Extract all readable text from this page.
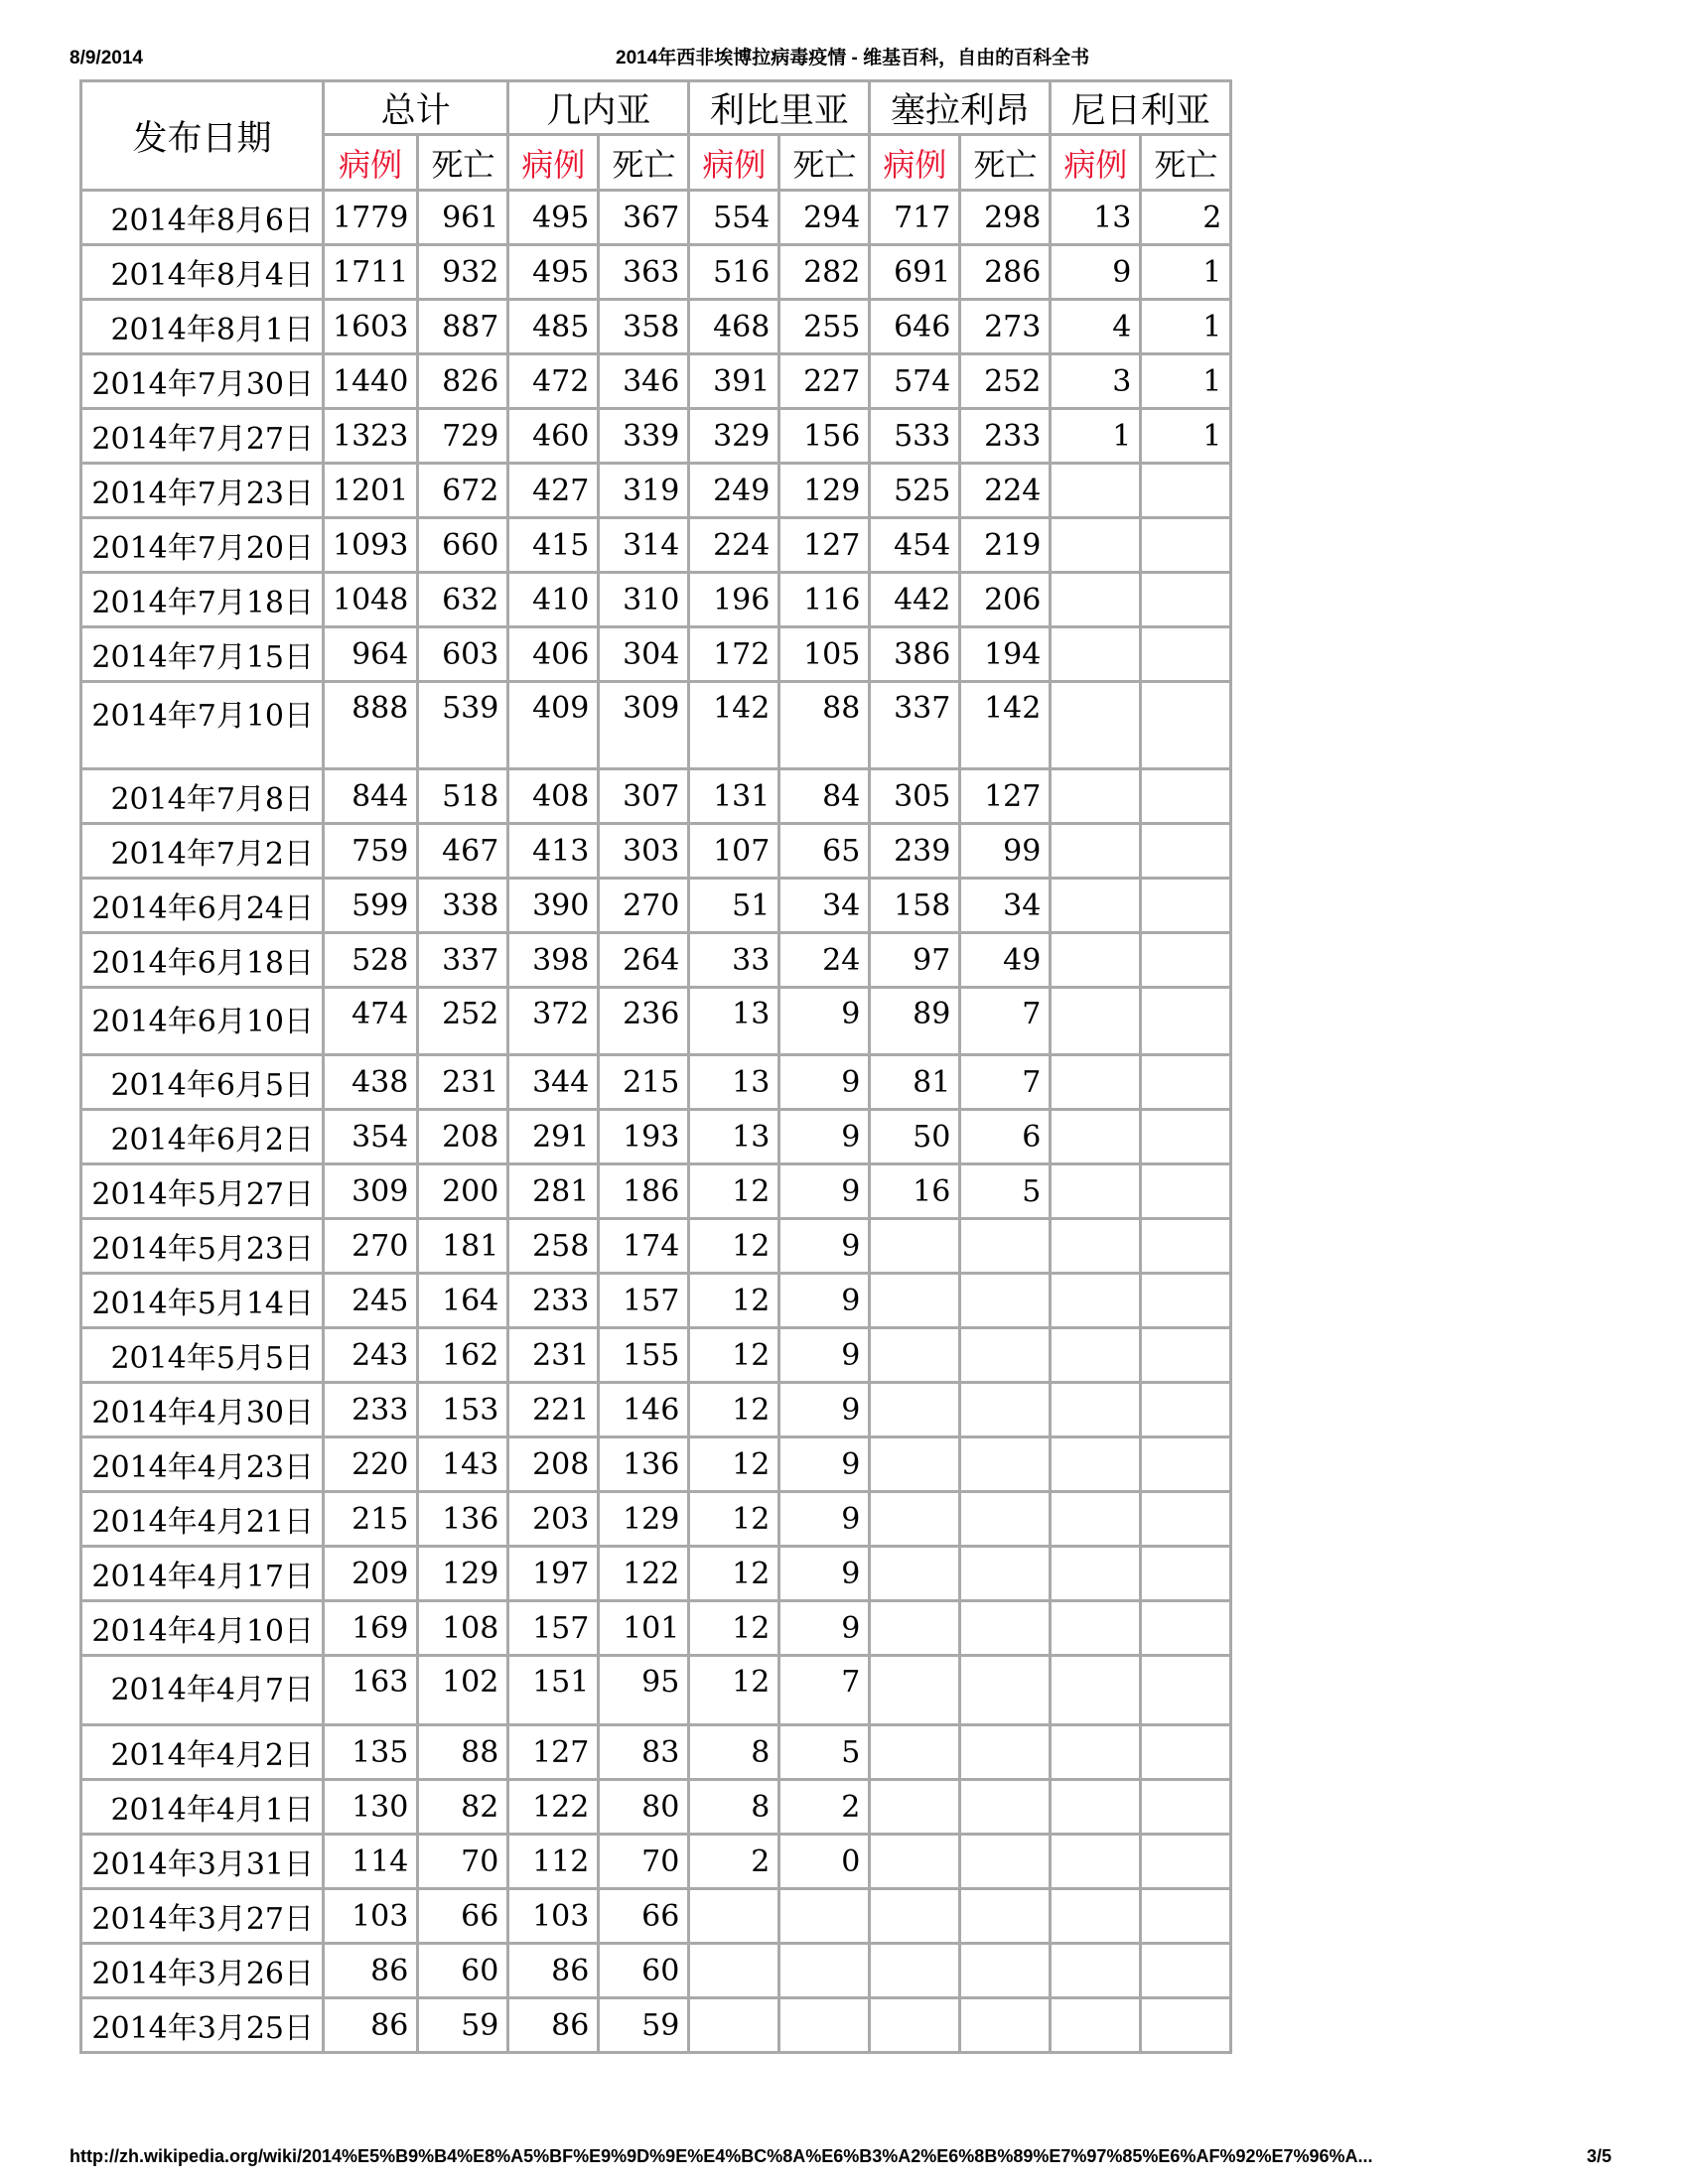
8/9/2014	2014年西非埃博拉病毒疫情 - 维基百科，自由的百科全书
发布日期	总计		几内亚		利比里亚		塞拉利昂		尼日利亚	
	病例	死亡	病例	死亡	病例	死亡	病例	死亡	病例	死亡
2014年8月6日	1779	961	495	367	554	294	717	298	13	2
2014年8月4日	1711	932	495	363	516	282	691	286	9	1
2014年8月1日	1603	887	485	358	468	255	646	273	4	1
2014年7月30日	1440	826	472	346	391	227	574	252	3	1
2014年7月27日	1323	729	460	339	329	156	533	233	1	1
2014年7月23日	1201	672	427	319	249	129	525	224		
2014年7月20日	1093	660	415	314	224	127	454	219		
2014年7月18日	1048	632	410	310	196	116	442	206		
2014年7月15日	964	603	406	304	172	105	386	194		
2014年7月10日	888	539	409	309	142	88	337	142		
2014年7月8日	844	518	408	307	131	84	305	127		
2014年7月2日	759	467	413	303	107	65	239	99		
2014年6月24日	599	338	390	270	51	34	158	34		
2014年6月18日	528	337	398	264	33	24	97	49		
2014年6月10日	474	252	372	236	13	9	89	7		
2014年6月5日	438	231	344	215	13	9	81	7		
2014年6月2日	354	208	291	193	13	9	50	6		
2014年5月27日	309	200	281	186	12	9	16	5		
2014年5月23日	270	181	258	174	12	9				
2014年5月14日	245	164	233	157	12	9				
2014年5月5日	243	162	231	155	12	9				
2014年4月30日	233	153	221	146	12	9				
2014年4月23日	220	143	208	136	12	9				
2014年4月21日	215	136	203	129	12	9				
2014年4月17日	209	129	197	122	12	9				
2014年4月10日	169	108	157	101	12	9				
2014年4月7日	163	102	151	95	12	7				
2014年4月2日	135	88	127	83	8	5				
2014年4月1日	130	82	122	80	8	2				
2014年3月31日	114	70	112	70	2	0				
2014年3月27日	103	66	103	66						
2014年3月26日	86	60	86	60						
2014年3月25日	86	59	86	59						
http://zh.wikipedia.org/wiki/2014%E5%B9%B4%E8%A5%BF%E9%9D%9E%E4%BC%8A%E6%B3%A2%E6%8B%89%E7%97%85%E6%AF%92%E7%96%A...	3/5
